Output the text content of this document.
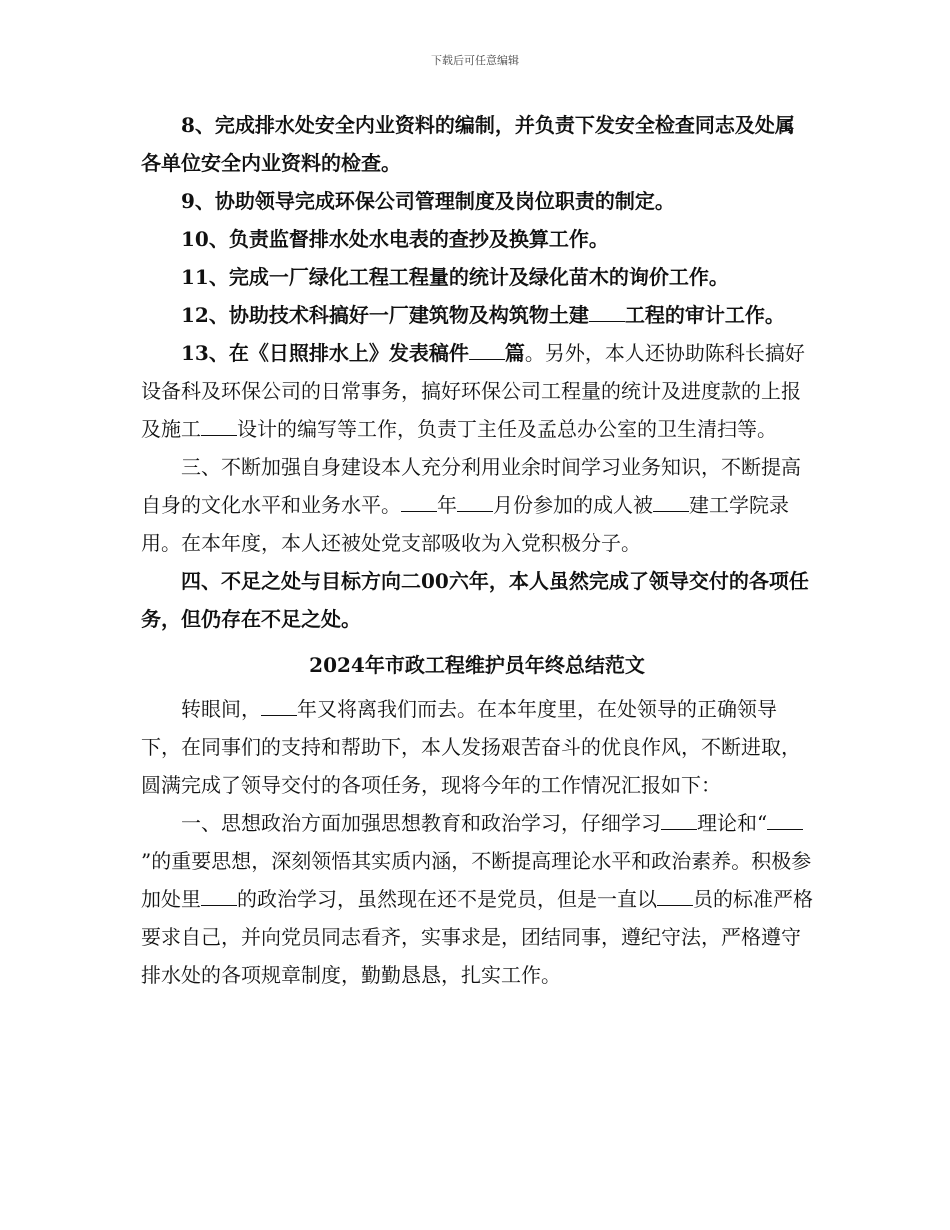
下载后可任意编辑

8、完成排水处安全内业资料的编制，并负责下发安全检查同志及处属各单位安全内业资料的检查。

9、协助领导完成环保公司管理制度及岗位职责的制定。

10、负责监督排水处水电表的查抄及换算工作。

11、完成一厂绿化工程工程量的统计及绿化苗木的询价工作。

12、协助技术科搞好一厂建筑物及构筑物土建 工程的审计工作。

13、在《日照排水上》发表稿件 篇。另外，本人还协助陈科长搞好设备科及环保公司的日常事务，搞好环保公司工程量的统计及进度款的上报及施工 设计的编写等工作，负责丁主任及孟总办公室的卫生清扫等。

三、不断加强自身建设本人充分利用业余时间学习业务知识，不断提高自身的文化水平和业务水平。 年 月份参加的成人被 建工学院录用。在本年度，本人还被处党支部吸收为入党积极分子。

四、不足之处与目标方向二00六年，本人虽然完成了领导交付的各项任务，但仍存在不足之处。

2024年市政工程维护员年终总结范文

转眼间， 年又将离我们而去。在本年度里，在处领导的正确领导下，在同事们的支持和帮助下，本人发扬艰苦奋斗的优良作风，不断进取，圆满完成了领导交付的各项任务，现将今年的工作情况汇报如下：

一、思想政治方面加强思想教育和政治学习，仔细学习 理论和“”的重要思想，深刻领悟其实质内涵，不断提高理论水平和政治素养。积极参加处里 的政治学习，虽然现在还不是党员，但是一直以 员的标准严格要求自己，并向党员同志看齐，实事求是，团结同事，遵纪守法，严格遵守排水处的各项规章制度，勤勤恳恳，扎实工作。
